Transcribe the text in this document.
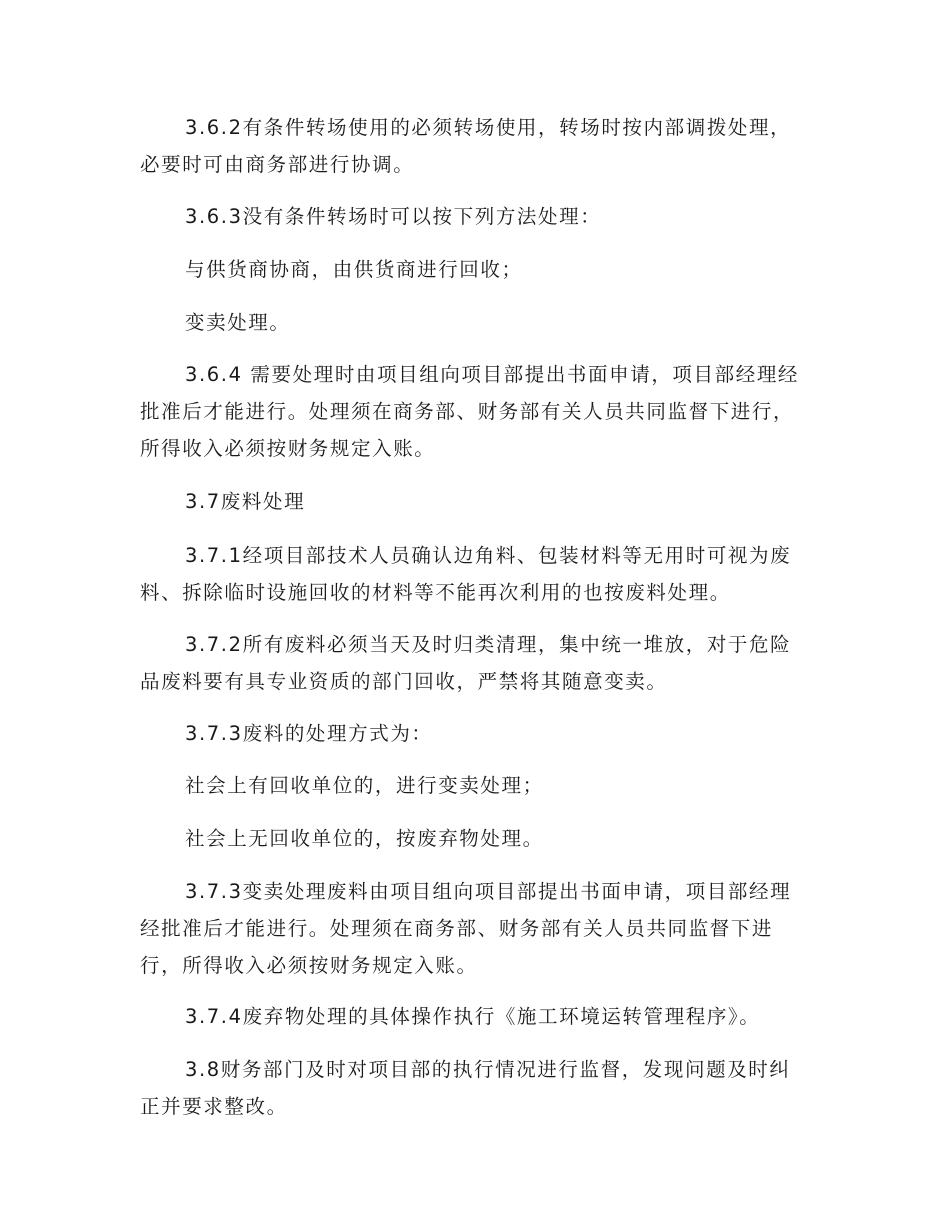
3.6.2有条件转场使用的必须转场使用，转场时按内部调拨处理，必要时可由商务部进行协调。

3.6.3没有条件转场时可以按下列方法处理：

与供货商协商，由供货商进行回收；

变卖处理。

3.6.4 需要处理时由项目组向项目部提出书面申请，项目部经理经批准后才能进行。处理须在商务部、财务部有关人员共同监督下进行，所得收入必须按财务规定入账。

3.7废料处理

3.7.1经项目部技术人员确认边角料、包装材料等无用时可视为废料、拆除临时设施回收的材料等不能再次利用的也按废料处理。

3.7.2所有废料必须当天及时归类清理，集中统一堆放，对于危险品废料要有具专业资质的部门回收，严禁将其随意变卖。

3.7.3废料的处理方式为：

社会上有回收单位的，进行变卖处理；

社会上无回收单位的，按废弃物处理。

3.7.3变卖处理废料由项目组向项目部提出书面申请，项目部经理经批准后才能进行。处理须在商务部、财务部有关人员共同监督下进行，所得收入必须按财务规定入账。

3.7.4废弃物处理的具体操作执行《施工环境运转管理程序》。

3.8财务部门及时对项目部的执行情况进行监督，发现问题及时纠正并要求整改。
